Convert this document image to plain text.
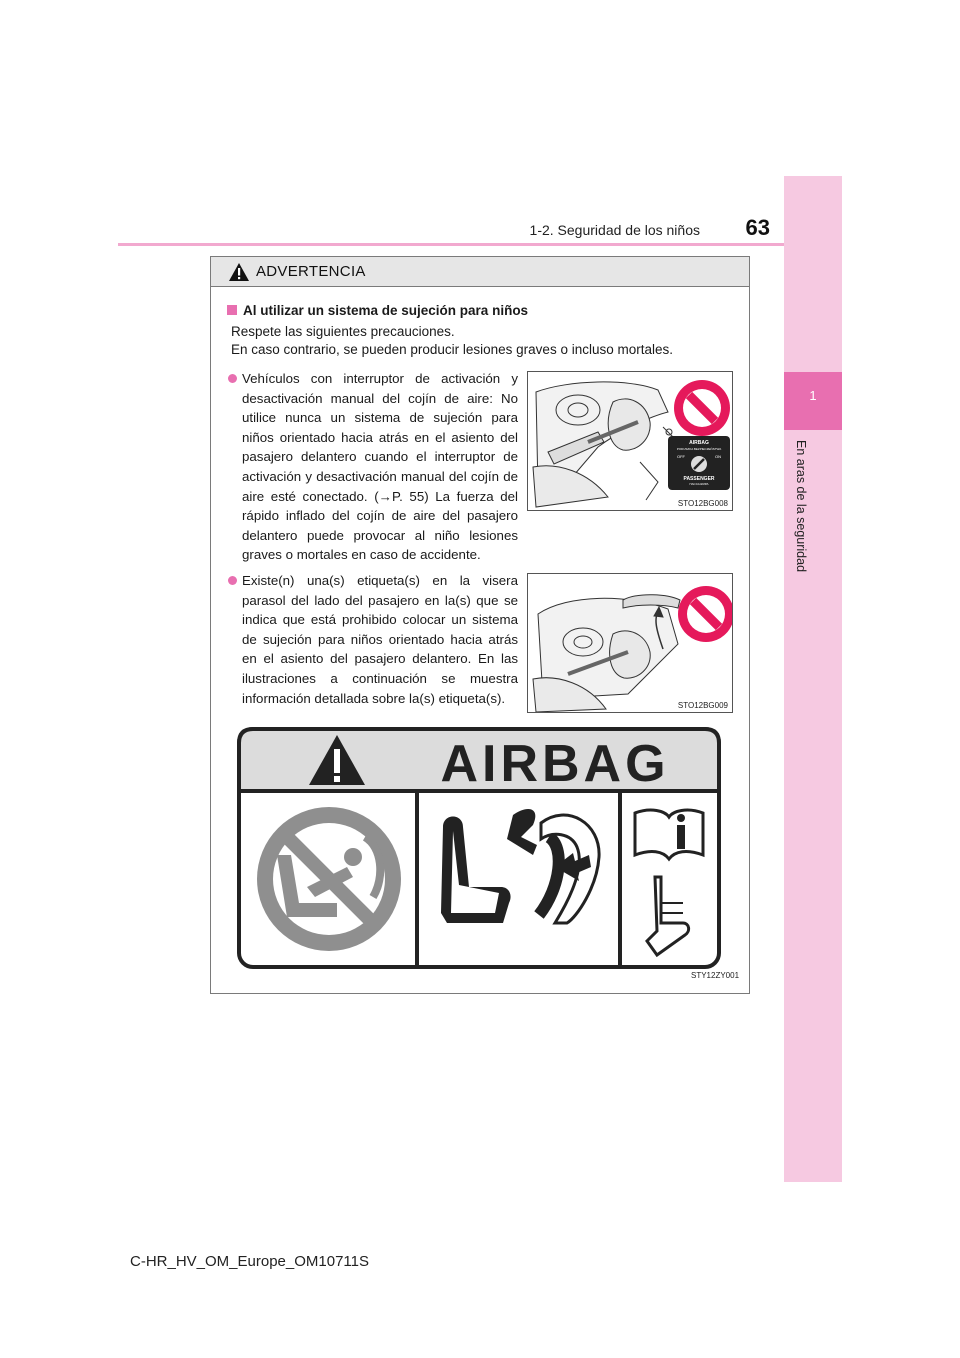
1
En aras de la seguridad
1-2. Seguridad de los niños	63
ADVERTENCIA
Al utilizar un sistema de sujeción para niños
Respete las siguientes precauciones.
En caso contrario, se pueden producir lesiones graves o incluso mortales.

Vehículos con interruptor de activación y desactivación manual del cojín de aire: No utilice nunca un sistema de sujeción para niños orientado hacia atrás en el asiento del pasajero delantero cuando el interruptor de activación y desactivación manual del cojín de aire esté conectado. (→P. 55) La fuerza del rápido inflado del cojín de aire del pasajero delantero puede provocar al niño lesiones graves o mortales en caso de accidente.

AIRBAG
PODUSZKA BEZPIECZEŃSTWA
OFF	ON
PASSENGER
ПАССАЖИРА
STO12BG008

Existe(n) una(s) etiqueta(s) en la visera parasol del lado del pasajero en la(s) que se indica que está prohibido colocar un sistema de sujeción para niños orientado hacia atrás en el asiento del pasajero delantero. En las ilustraciones a continuación se muestra información detallada sobre la(s) etiqueta(s).	STO12BG009
AIRBAG
STY12ZY001
C-HR_HV_OM_Europe_OM10711S
